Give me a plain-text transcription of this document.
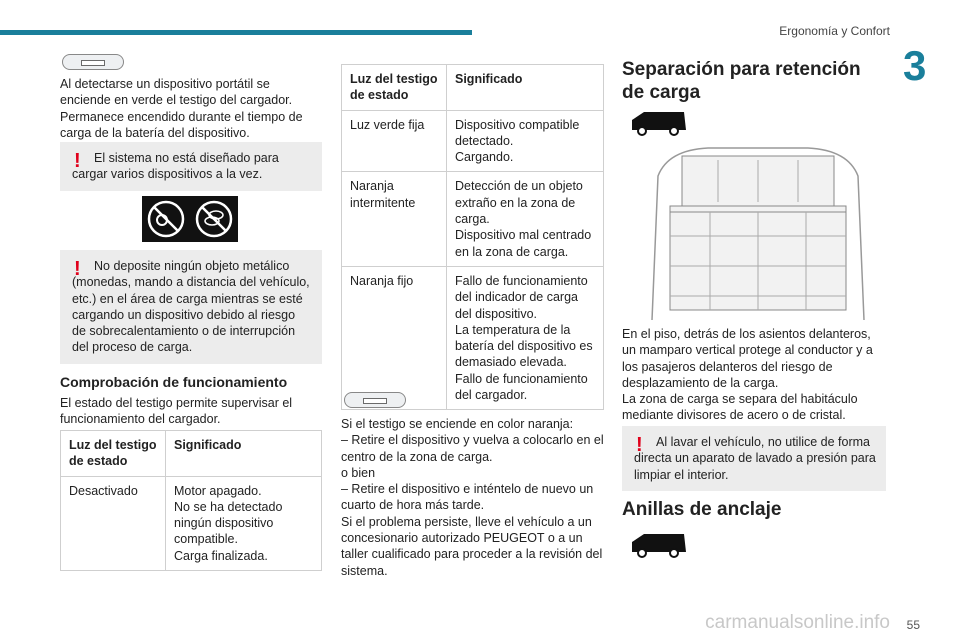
Ergonomía y Confort
3

Al detectarse un dispositivo portátil se enciende en verde el testigo del cargador. Permanece encendido durante el tiempo de carga de la batería del dispositivo.

!	El sistema no está diseñado para cargar varios dispositivos a la vez.
!	No deposite ningún objeto metálico (monedas, mando a distancia del vehículo, etc.) en el área de carga mientras se esté cargando un dispositivo debido al riesgo de sobrecalentamiento o de interrupción del proceso de carga.
Comprobación de funcionamiento

El estado del testigo permite supervisar el funcionamiento del cargador.

Luz del testigo de estado	Significado
Desactivado	Motor apagado.
No se ha detectado ningún dispositivo compatible.
Carga finalizada.
Luz del testigo de estado	Significado
Luz verde fija	Dispositivo compatible detectado.
Cargando.
Naranja intermitente	Detección de un objeto extraño en la zona de carga.
Dispositivo mal centrado en la zona de carga.
Naranja fijo	Fallo de funcionamiento del indicador de carga del dispositivo.
La temperatura de la batería del dispositivo es demasiado elevada.
Fallo de funcionamiento del cargador.

Si el testigo se enciende en color naranja:
– Retire el dispositivo y vuelva a colocarlo en el centro de la zona de carga.
o bien
– Retire el dispositivo e inténtelo de nuevo un cuarto de hora más tarde.
Si el problema persiste, lleve el vehículo a un concesionario autorizado PEUGEOT o a un taller cualificado para proceder a la revisión del sistema.

Separación para retención de carga

En el piso, detrás de los asientos delanteros, un mamparo vertical protege al conductor y a los pasajeros delanteros del riesgo de desplazamiento de la carga.
La zona de carga se separa del habitáculo mediante divisores de acero o de cristal.

!	Al lavar el vehículo, no utilice de forma directa un aparato de lavado a presión para limpiar el interior.
Anillas de anclaje
55
carmanualsonline.info
